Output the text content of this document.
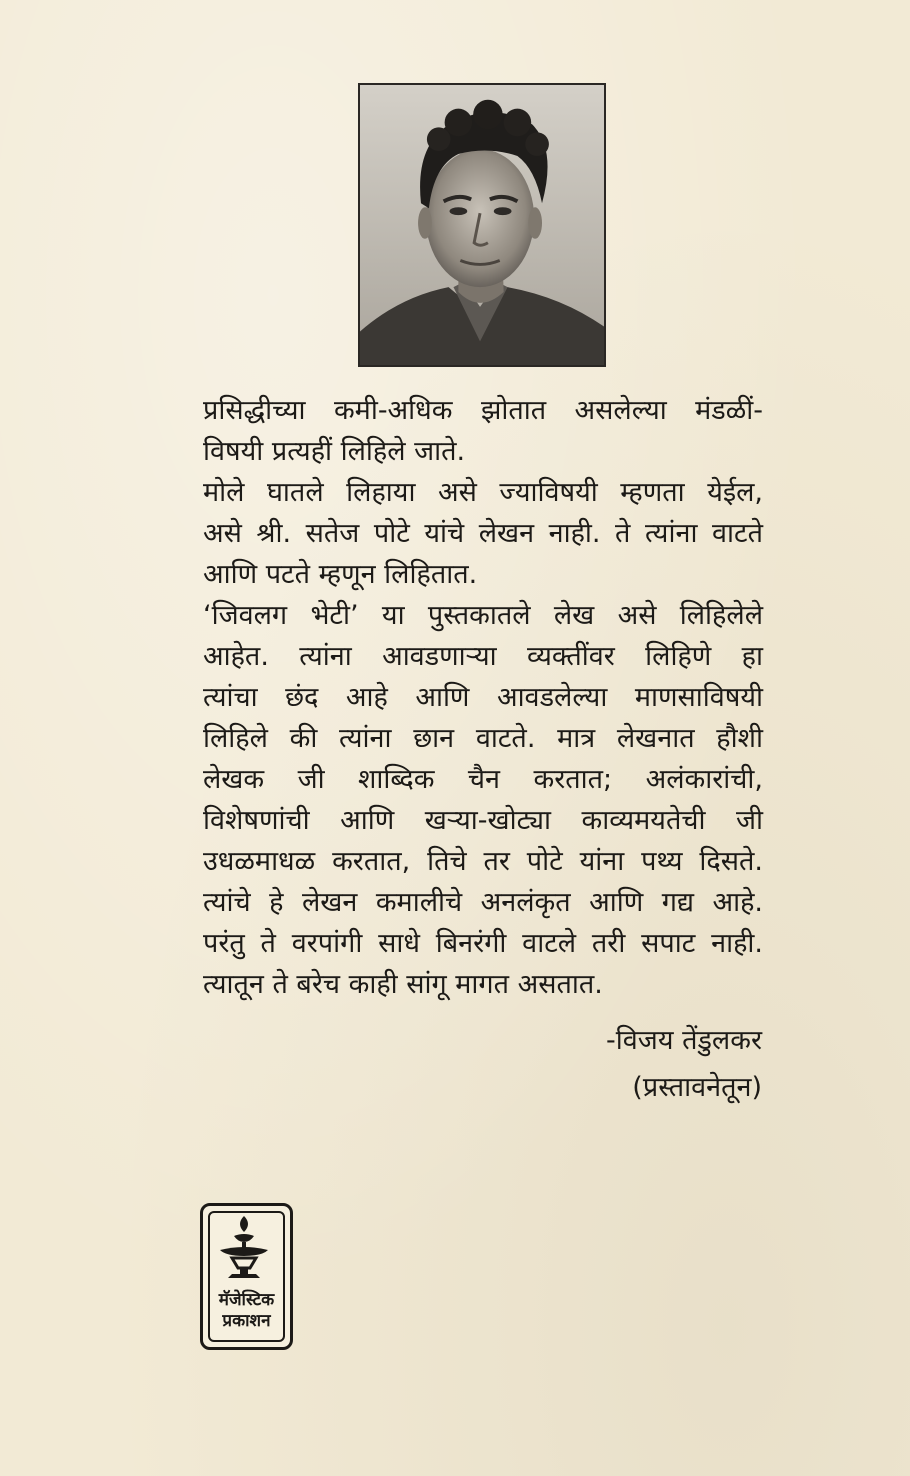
प्रसिद्धीच्या कमी-अधिक झोतात असलेल्या मंडळीं-
विषयी प्रत्यहीं लिहिले जाते.
मोले घातले लिहाया असे ज्याविषयी म्हणता येईल,
असे श्री. सतेज पोटे यांचे लेखन नाही. ते त्यांना वाटते
आणि पटते म्हणून लिहितात.
‘जिवलग भेटी’ या पुस्तकातले लेख असे लिहिलेले
आहेत. त्यांना आवडणाऱ्या व्यक्तींवर लिहिणे हा
त्यांचा छंद आहे आणि आवडलेल्या माणसाविषयी
लिहिले की त्यांना छान वाटते. मात्र लेखनात हौशी
लेखक जी शाब्दिक चैन करतात; अलंकारांची,
विशेषणांची आणि खऱ्या-खोट्या काव्यमयतेची जी
उधळमाधळ करतात, तिचे तर पोटे यांना पथ्य दिसते.
त्यांचे हे लेखन कमालीचे अनलंकृत आणि गद्य आहे.
परंतु ते वरपांगी साधे बिनरंगी वाटले तरी सपाट नाही.
त्यातून ते बरेच काही सांगू मागत असतात.
-विजय तेंडुलकर
(प्रस्तावनेतून)
मॅजेस्टिक
प्रकाशन
